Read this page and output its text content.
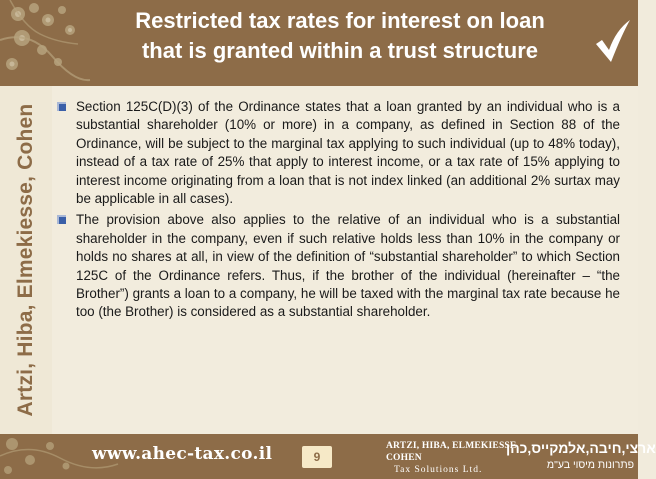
Restricted tax rates for interest on loan
that is granted within a trust structure
Artzi, Hiba, Elmekiesse, Cohen	Section 125C(D)(3) of the Ordinance states that a loan granted by an individual who is a substantial shareholder (10% or more) in a company, as defined in Section 88 of the Ordinance, will be subject to the marginal tax applying to such individual (up to 48% today), instead of a tax rate of 25% that apply to interest income, or a tax rate of 15% applying to interest income originating from a loan that is not index linked (an additional 2% surtax may be applicable in all cases).

The provision above also applies to the relative of an individual who is a substantial shareholder in the company, even if such relative holds less than 10% in the company or holds no shares at all, in view of the definition of “substantial shareholder” to which Section 125C of the Ordinance refers. Thus, if the brother of the individual (hereinafter – “the Brother”) grants a loan to a company, he will be taxed with the marginal tax rate because he too (the Brother) is considered as a substantial shareholder.

www.ahec-tax.co.il	9
ARTZI, HIBA, ELMEKIESSE, COHEN
Tax Solutions Ltd.
ארצי,חיבה,אלמקייס,כהן
פתרונות מיסוי בע"מ
